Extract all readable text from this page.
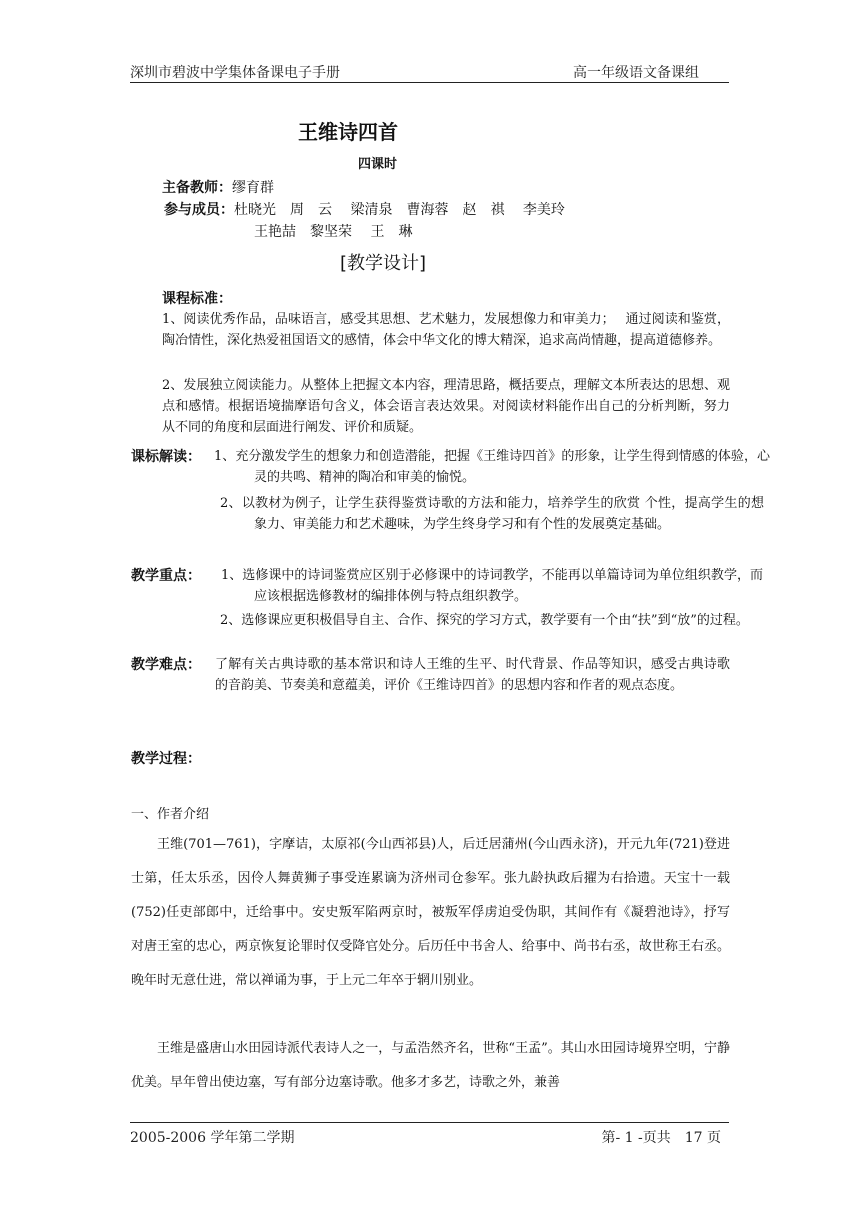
深圳市碧波中学集体备课电子手册	高一年级语文备课组
王维诗四首
四课时
主备教师：缪育群
参与成员：杜晓光　周　云　 梁清泉　曹海蓉　赵　祺　 李美玲
王艳喆　黎坚荣　 王　琳
[教学设计]
课程标准：
1、阅读优秀作品，品味语言，感受其思想、艺术魅力，发展想像力和审美力；　 通过阅读和鉴赏，陶冶情性，深化热爱祖国语文的感情，体会中华文化的博大精深，追求高尚情趣，提高道德修养。
2、发展独立阅读能力。从整体上把握文本内容，理清思路，概括要点，理解文本所表达的思想、观点和感情。根据语境揣摩语句含义，体会语言表达效果。对阅读材料能作出自己的分析判断，努力从不同的角度和层面进行阐发、评价和质疑。
课标解读： 1、充分激发学生的想象力和创造潜能，把握《王维诗四首》的形象，让学生得到情感的体验，心灵的共鸣、精神的陶冶和审美的愉悦。
2、以教材为例子，让学生获得鉴赏诗歌的方法和能力，培养学生的欣赏 个性，提高学生的想象力、审美能力和艺术趣味，为学生终身学习和有个性的发展奠定基础。
教学重点： 1、选修课中的诗词鉴赏应区别于必修课中的诗词教学，不能再以单篇诗词为单位组织教学，而应该根据选修教材的编排体例与特点组织教学。
2、选修课应更积极倡导自主、合作、探究的学习方式，教学要有一个由“扶”到“放”的过程。
教学难点： 了解有关古典诗歌的基本常识和诗人王维的生平、时代背景、作品等知识，感受古典诗歌的音韵美、节奏美和意蕴美，评价《王维诗四首》的思想内容和作者的观点态度。
教学过程：
一、作者介绍
王维(701—761)，字摩诘，太原祁(今山西祁县)人，后迁居蒲州(今山西永济)，开元九年(721)登进士第，任太乐丞，因伶人舞黄狮子事受连累谪为济州司仓参军。张九龄执政后擢为右拾遗。天宝十一载(752)任吏部郎中，迁给事中。安史叛军陷两京时，被叛军俘虏迫受伪职，其间作有《凝碧池诗》，抒写对唐王室的忠心，两京恢复论罪时仅受降官处分。后历任中书舍人、给事中、尚书右丞，故世称王右丞。晚年时无意仕进，常以禅诵为事，于上元二年卒于辋川别业。
王维是盛唐山水田园诗派代表诗人之一，与孟浩然齐名，世称“王孟”。其山水田园诗境界空明，宁静优美。早年曾出使边塞，写有部分边塞诗歌。他多才多艺，诗歌之外，兼善
2005-2006 学年第二学期	第- 1 -页共　17 页
